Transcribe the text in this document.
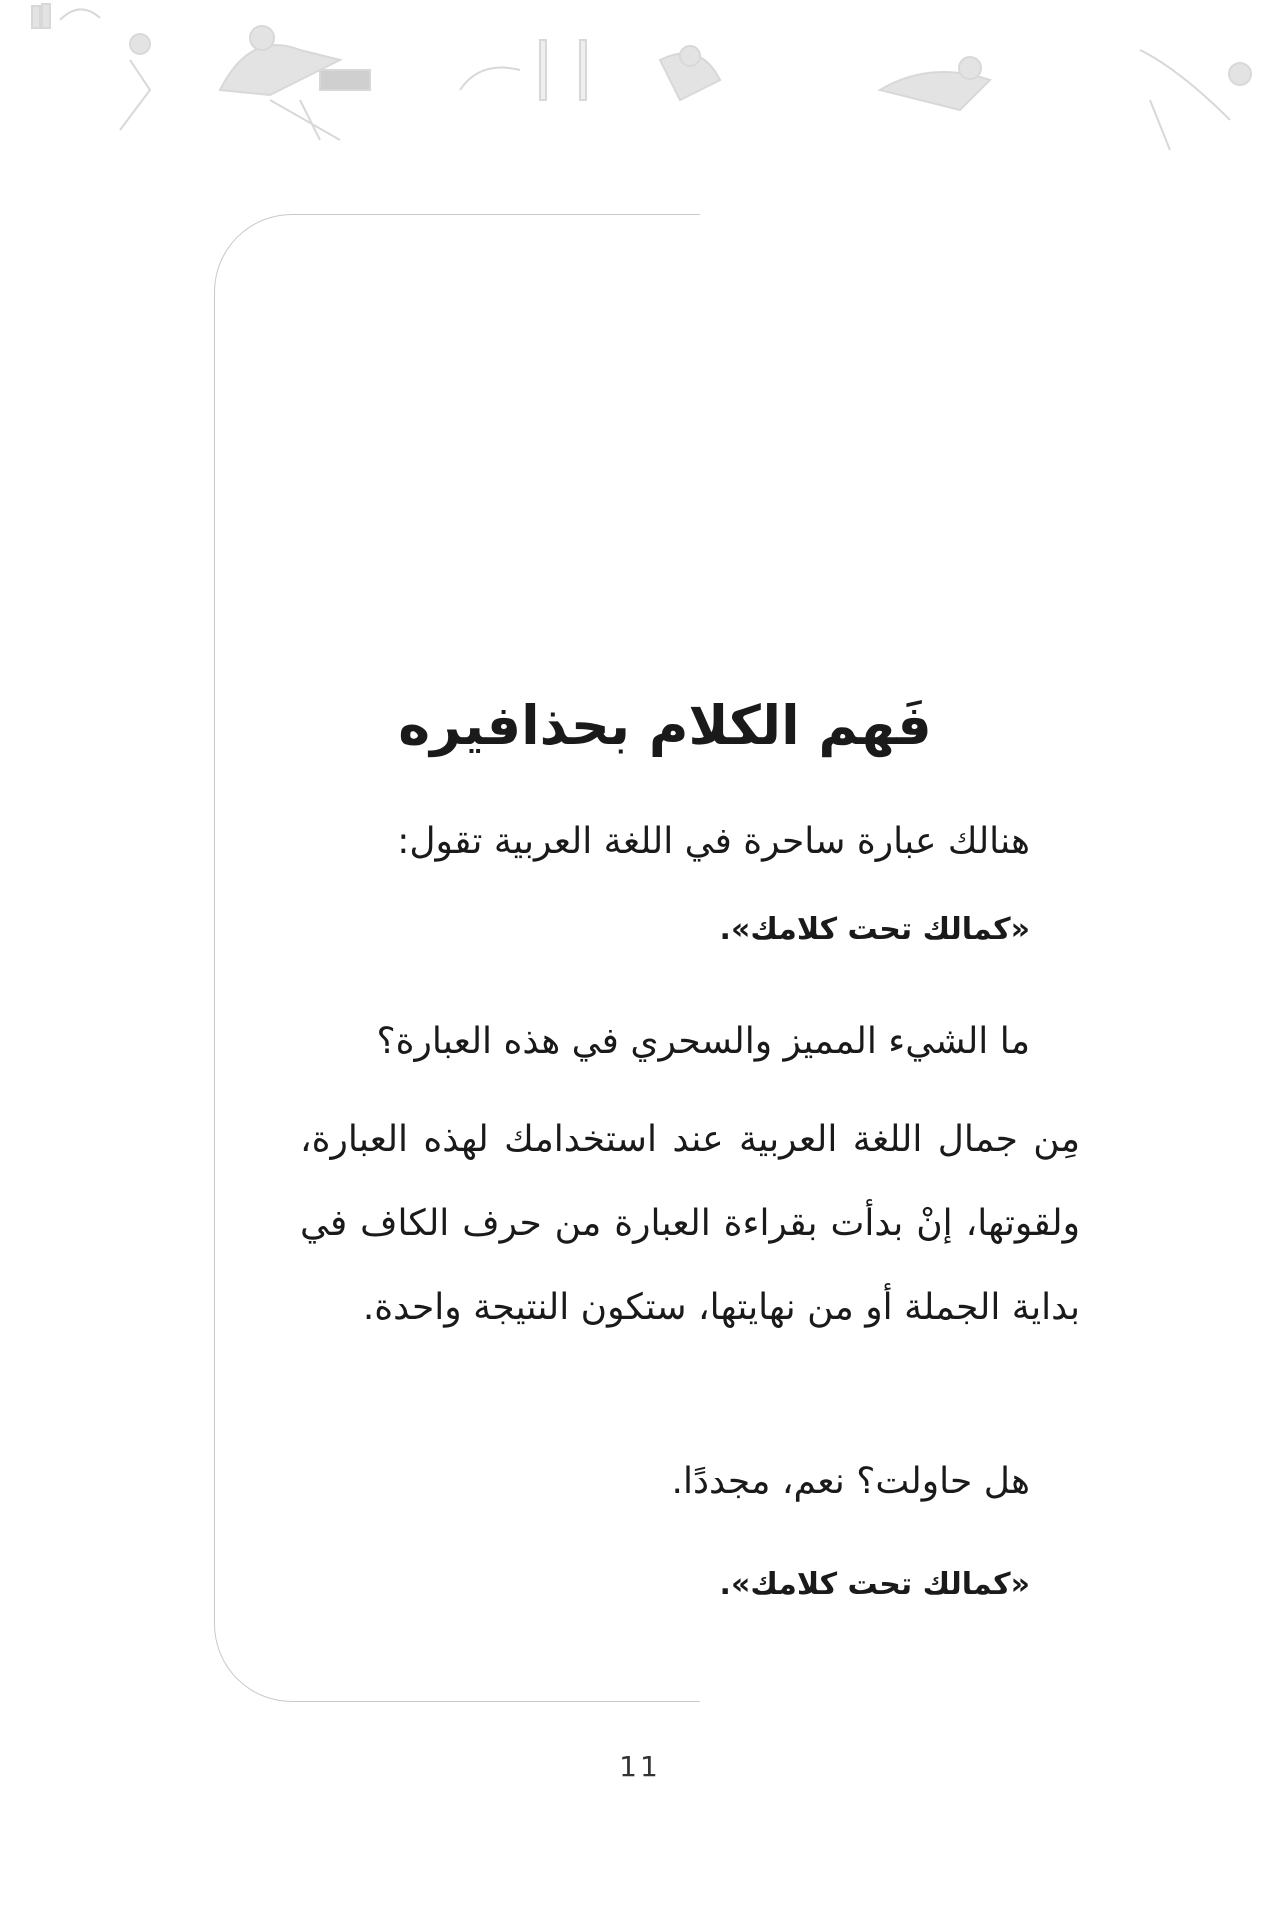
فَهم الكلام بحذافيره

هنالك عبارة ساحرة في اللغة العربية تقول:

«كمالك تحت كلامك».

ما الشيء المميز والسحري في هذه العبارة؟

مِن جمال اللغة العربية عند استخدامك لهذه العبارة، ولقوتها، إنْ بدأت بقراءة العبارة من حرف الكاف في بداية الجملة أو من نهايتها، ستكون النتيجة واحدة.

هل حاولت؟ نعم، مجددًا.

«كمالك تحت كلامك».

11
